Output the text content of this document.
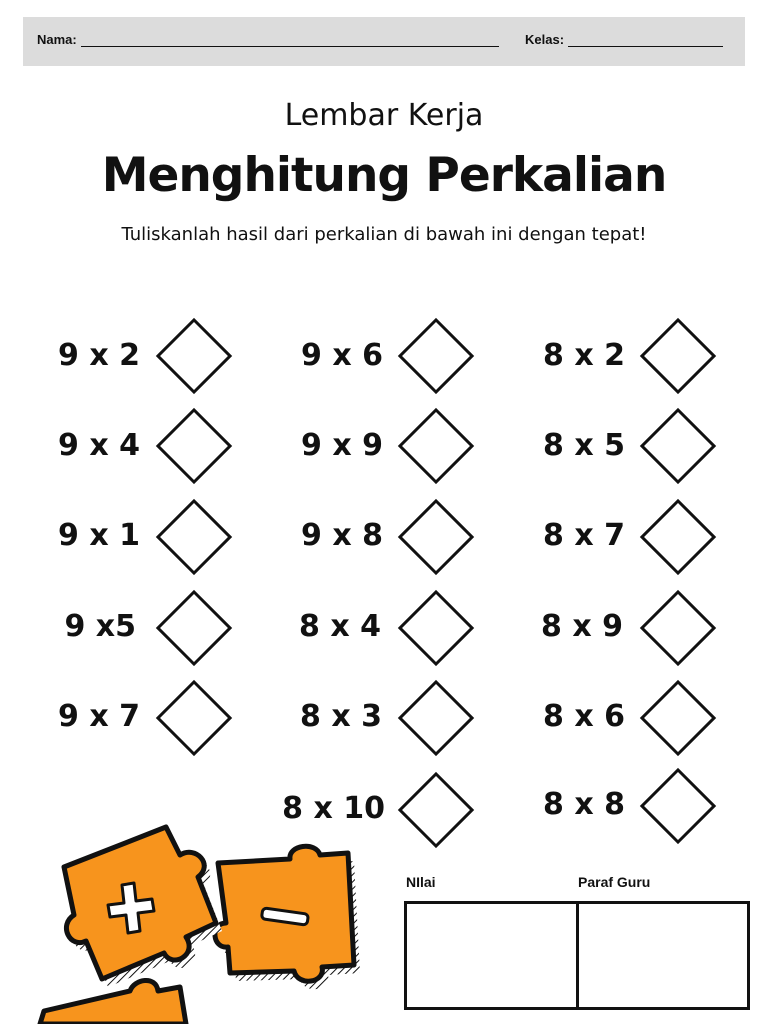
Nama:	Kelas:
Lembar Kerja
Menghitung Perkalian
Tuliskanlah hasil dari perkalian di bawah ini dengan tepat!
9 x 2
9 x 4
9 x 1
9 x5
9 x 7
9 x 6
9 x 9
9 x 8
8 x 4
8 x 3
8 x 10
8 x 2
8 x 5
8 x 7
8 x 9
8 x 6
8 x 8
NIlai	Paraf Guru
